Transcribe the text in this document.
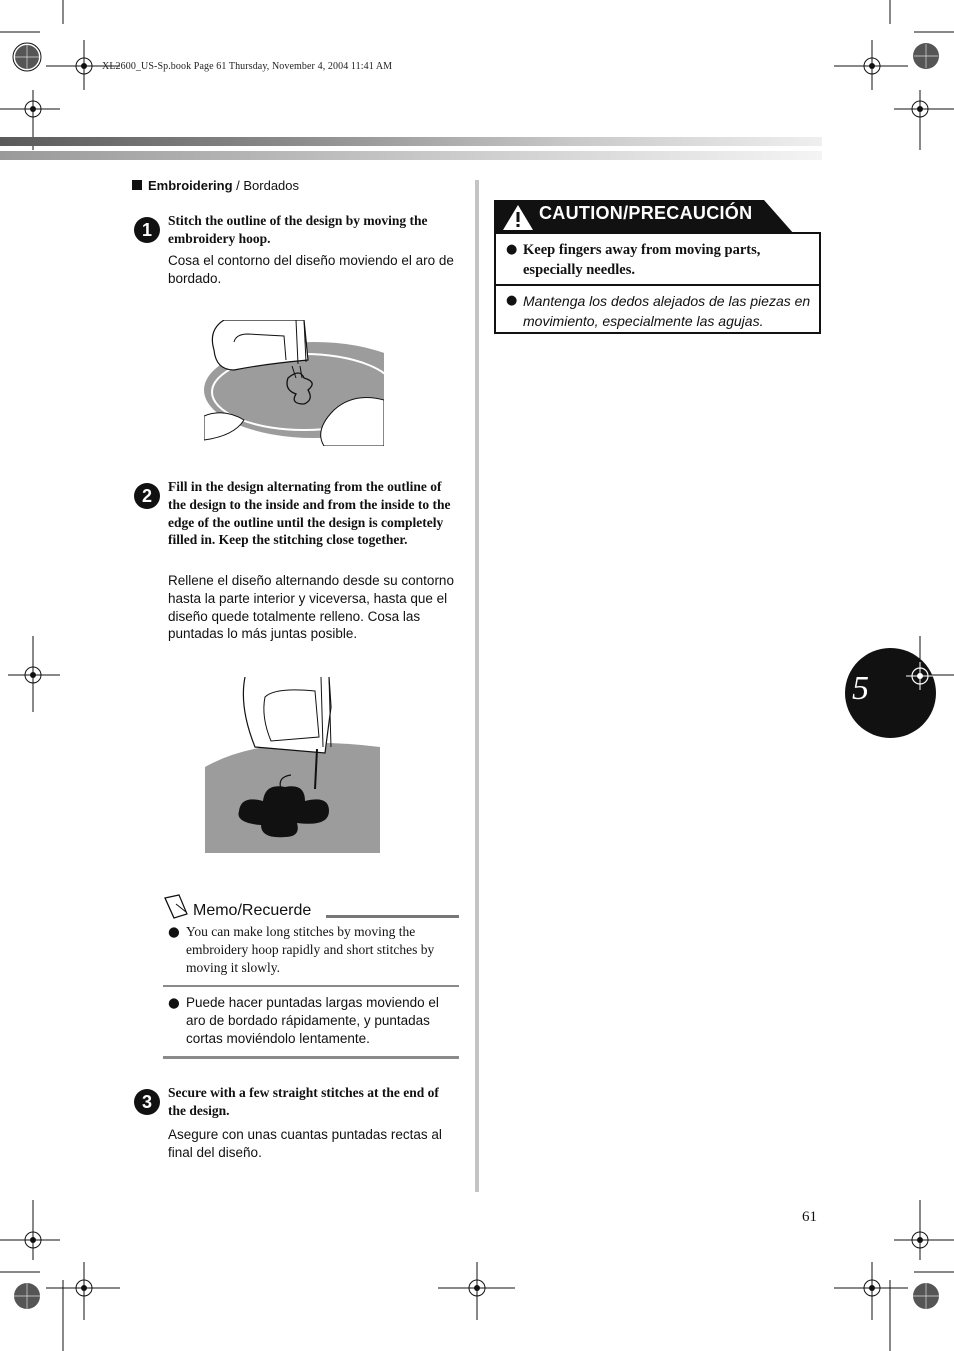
XL2600_US-Sp.book Page 61 Thursday, November 4, 2004 11:41 AM
Embroidering / Bordados
1	Stitch the outline of the design by moving the embroidery hoop.
Cosa el contorno del diseño moviendo el aro de bordado.
2	Fill in the design alternating from the outline of the design to the inside and from the inside to the edge of the outline until the design is completely filled in. Keep the stitching close together.
Rellene el diseño alternando desde su contorno hasta la parte interior y viceversa, hasta que el diseño quede totalmente relleno. Cosa las puntadas lo más juntas posible.
Memo/Recuerde
● You can make long stitches by moving the embroidery hoop rapidly and short stitches by moving it slowly.
● Puede hacer puntadas largas moviendo el aro de bordado rápidamente, y puntadas cortas moviéndolo lentamente.
3	Secure with a few straight stitches at the end of the design.
Asegure con unas cuantas puntadas rectas al final del diseño.
CAUTION/PRECAUCIÓN
● Keep fingers away from moving parts, especially needles.
● Mantenga los dedos alejados de las piezas en movimiento, especialmente las agujas.
5
61
